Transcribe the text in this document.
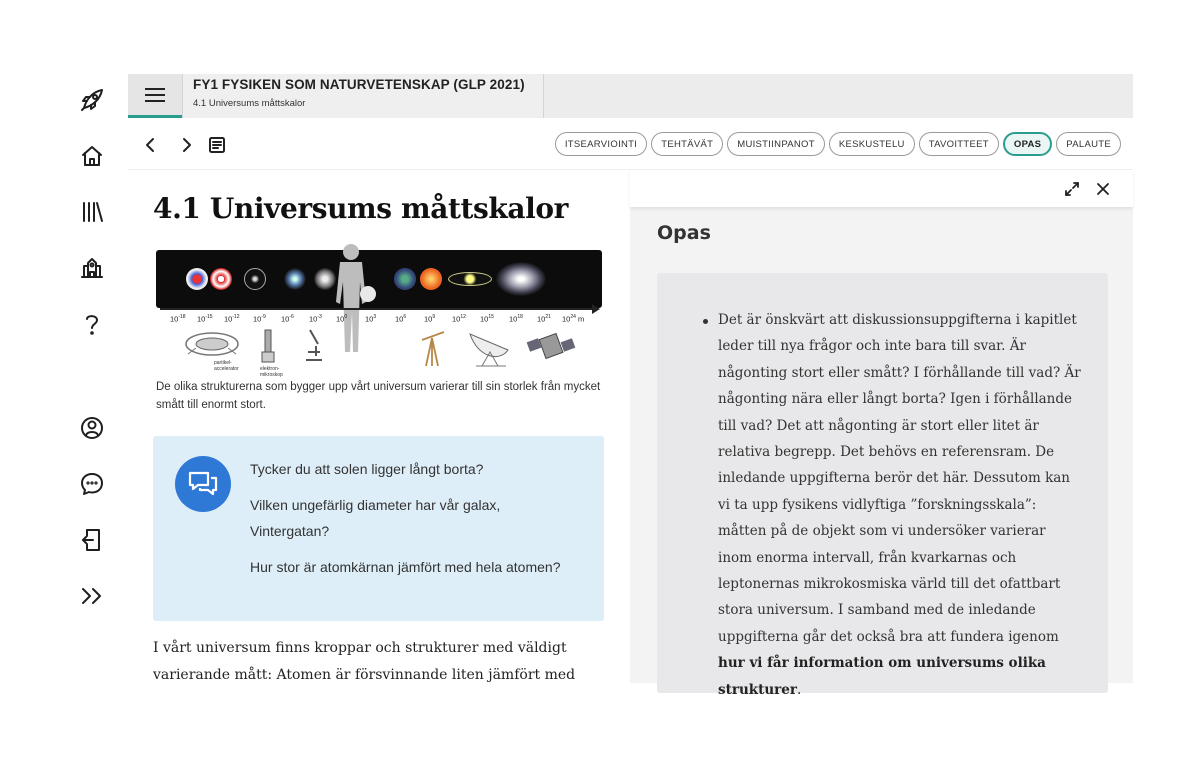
FY1 FYSIKEN SOM NATURVETENSKAP (GLP 2021)
4.1 Universums måttskalor
ITSEARVIOINTI	TEHTÄVÄT	MUISTIINPANOT	KESKUSTELU	TAVOITTEET	OPAS	PALAUTE
4.1 Universums måttskalor
$10^{-18}$ $10^{-15}$ $10^{-12}$ $10^{-9}$ $10^{-6}$ $10^{-3}$ $10^0$ $10^3$	$10^6$ $10^9$ $10^{12}$ $10^{15}$ $10^{18}$ $10^{21}$ $10^{24}$ m
partikel-
accelerator	elektron-
mikroskop

De olika strukturerna som bygger upp vårt universum varierar till sin storlek från mycket smått till enormt stort.

Tycker du att solen ligger långt borta?

Vilken ungefärlig diameter har vår galax, Vintergatan?

Hur stor är atomkärnan jämfört med hela atomen?

I vårt universum finns kroppar och strukturer med väldigt varierande mått: Atomen är försvinnande liten jämfört med

Opas

Det är önskvärt att diskussionsuppgifterna i kapitlet leder till nya frågor och inte bara till svar. Är någonting stort eller smått? I förhållande till vad? Är någonting nära eller långt borta? Igen i förhållande till vad? Det att någonting är stort eller litet är relativa begrepp. Det behövs en referensram. De inledande uppgifterna berör det här. Dessutom kan vi ta upp fysikens vidlyftiga ”forskningsskala”: måtten på de objekt som vi undersöker varierar inom enorma intervall, från kvarkarnas och leptonernas mikrokosmiska värld till det ofattbart stora universum. I samband med de inledande uppgifterna går det också bra att fundera igenom hur vi får information om universums olika strukturer.
